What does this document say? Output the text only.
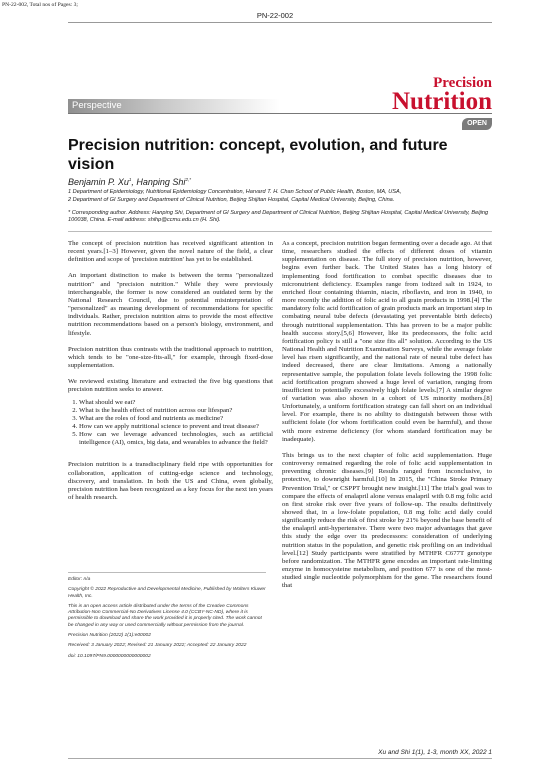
PN-22-002, Total nos of Pages: 3;
PN-22-002
Precision
Nutrition
Perspective
OPEN
Precision nutrition: concept, evolution, and future vision
Benjamin P. Xu$^1$, Hanping Shi$^{2,*}$
1 Department of Epidemiology, Nutritional Epidemiology Concentration, Harvard T. H. Chan School of Public Health, Boston, MA, USA,
2 Department of GI Surgery and Department of Clinical Nutrition, Beijing Shijitan Hospital, Capital Medical University, Beijing, China.
* Corresponding author. Address: Hanping Shi, Department of GI Surgery and Department of Clinical Nutrition, Beijing Shijitan Hospital, Capital Medical University, Beijing 100038, China. E-mail address: shihp@ccmu.edu.cn (H. Shi).

The concept of precision nutrition has received significant attention in recent years.[1–3] However, given the novel nature of the field, a clear definition and scope of 'precision nutrition' has yet to be established.

An important distinction to make is between the terms "personalized nutrition" and "precision nutrition." While they were previously interchangeable, the former is now considered an outdated term by the National Research Council, due to potential misinterpretation of "personalized" as meaning development of recommendations for specific individuals. Rather, precision nutrition aims to provide the most effective nutrition recommendations based on a person's biology, environment, and lifestyle.

Precision nutrition thus contrasts with the traditional approach to nutrition, which tends to be "one-size-fits-all," for example, through fixed-dose supplementation.

We reviewed existing literature and extracted the five big questions that precision nutrition seeks to answer.

1. What should we eat?
2. What is the health effect of nutrition across our lifespan?
3. What are the roles of food and nutrients as medicine?
4. How can we apply nutritional science to prevent and treat disease?
5. How can we leverage advanced technologies, such as artificial intelligence (AI), omics, big data, and wearables to advance the field?

Precision nutrition is a transdisciplinary field ripe with opportunities for collaboration, application of cutting-edge science and technology, discovery, and translation. In both the US and China, even globally, precision nutrition has been recognized as a key focus for the next ten years of health research.

Editor: n/a

Copyright © 2022 Reproductive and Developmental Medicine, Published by Wolters Kluwer Health, Inc.

This is an open access article distributed under the terms of the Creative Commons Attribution-Non Commercial-No Derivatives License 4.0 (CCBY-NC-ND), where it is permissible to download and share the work provided it is properly cited. The work cannot be changed in any way or used commercially without permission from the journal.

Precision Nutrition (2022) 1(1):e00002

Received: 3 January 2022; Revised: 21 January 2022; Accepted: 22 January 2022

doi: 10.1097/PN9.0000000000000002

As a concept, precision nutrition began fermenting over a decade ago. At that time, researchers studied the effects of different doses of vitamin supplementation on disease. The full story of precision nutrition, however, begins even further back. The United States has a long history of implementing food fortification to combat specific diseases due to micronutrient deficiency. Examples range from iodized salt in 1924, to enriched flour containing thiamin, niacin, riboflavin, and iron in 1940, to more recently the addition of folic acid to all grain products in 1998.[4] The mandatory folic acid fortification of grain products mark an important step in combating neural tube defects (devastating yet preventable birth defects) through nutritional supplementation. This has proven to be a major public health success story.[5,6] However, like its predecessors, the folic acid fortification policy is still a "one size fits all" solution. According to the US National Health and Nutrition Examination Surveys, while the average folate level has risen significantly, and the national rate of neural tube defect has indeed decreased, there are clear limitations. Among a nationally representative sample, the population folate levels following the 1998 folic acid fortification program showed a huge level of variation, ranging from insufficient to potentially excessively high folate levels.[7] A similar degree of variation was also shown in a cohort of US minority mothers.[8] Unfortunately, a uniform fortification strategy can fall short on an individual level. For example, there is no ability to distinguish between those with sufficient folate (for whom fortification could even be harmful), and those with more extreme deficiency (for whom standard fortification may be inadequate).

This brings us to the next chapter of folic acid supplementation. Huge controversy remained regarding the role of folic acid supplementation in preventing chronic diseases.[9] Results ranged from inconclusive, to protective, to downright harmful.[10] In 2015, the "China Stroke Primary Prevention Trial," or CSPPT brought new insight.[11] The trial's goal was to compare the effects of enalapril alone versus enalapril with 0.8 mg folic acid on first stroke risk over five years of follow-up. The results definitively showed that, in a low-folate population, 0.8 mg folic acid daily could significantly reduce the risk of first stroke by 21% beyond the base benefit of the enalapril anti-hypertensive. There were two major advantages that gave this study the edge over its predecessors: consideration of underlying nutrition status in the population, and genetic risk profiling on an individual level.[12] Study participants were stratified by MTHFR C677T genotype before randomization. The MTHFR gene encodes an important rate-limiting enzyme in homocysteine metabolism, and position 677 is one of the most-studied single nucleotide polymorphism for the gene. The researchers found that

Xu and Shi 1(1), 1-3, month XX, 2022 1
